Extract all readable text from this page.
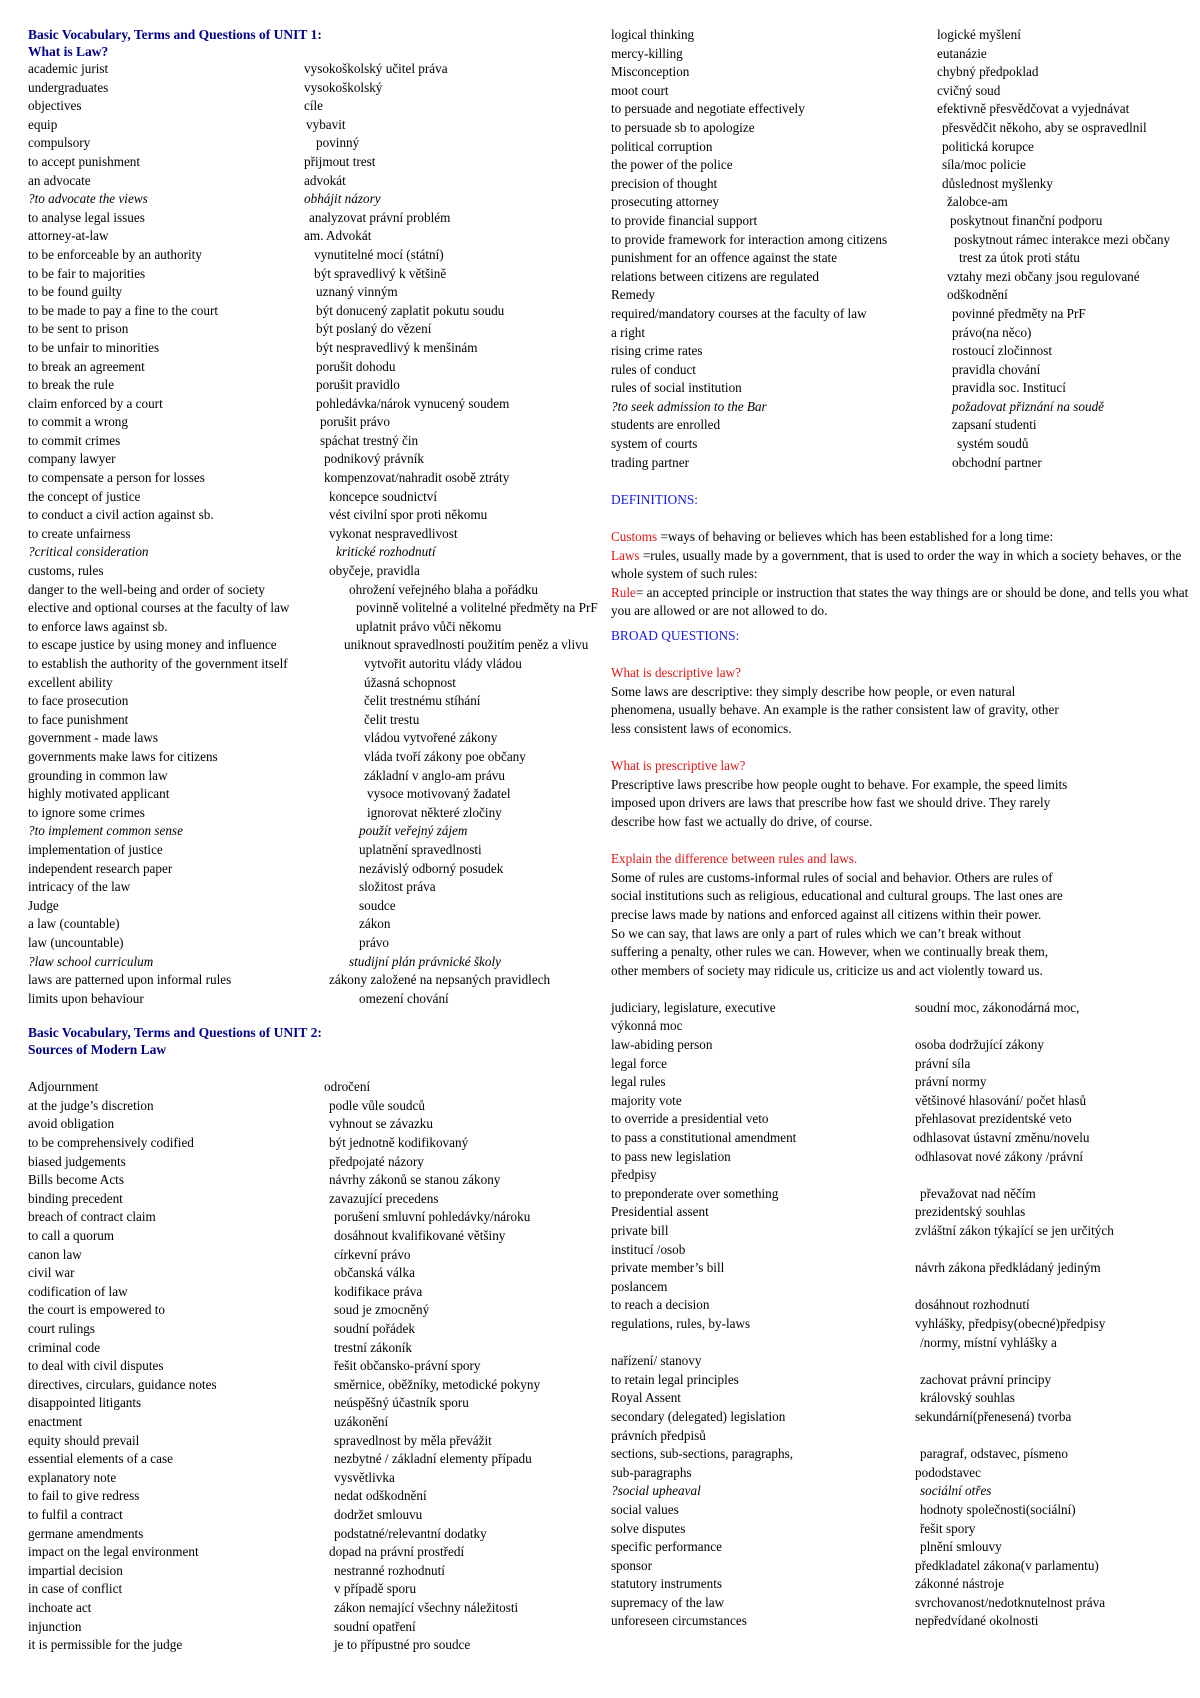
Basic Vocabulary, Terms and Questions of UNIT 1:
What is Law?
academic jurist	vysokoškolský učitel práva
undergraduates	vysokoškolský
objectives	cíle
equip	vybavit
compulsory	povinný
to accept punishment	přijmout trest
an advocate	advokát
?to advocate the views	obhájit názory
to analyse legal issues	analyzovat právní problém
attorney-at-law	am. Advokát
to be enforceable by an authority	vynutitelné mocí (státní)
to be fair to majorities	být spravedlivý k většině
to be found guilty	uznaný vinným
to be made to pay a fine to the court	být donucený zaplatit pokutu soudu
to be sent to prison	být poslaný do vězení
to be unfair to minorities	být nespravedlivý k menšinám
to break an agreement	porušit dohodu
to break the rule	porušit pravidlo
claim enforced by a court	pohledávka/nárok vynucený soudem
to commit a wrong	porušit právo
to commit crimes	spáchat trestný čin
company lawyer	podnikový právník
to compensate a person for losses	kompenzovat/nahradit osobě ztráty
the concept of justice	koncepce soudnictví
to conduct a civil action against sb.	vést civilní spor proti někomu
to create unfairness	vykonat nespravedlivost
?critical consideration	kritické rozhodnutí
customs, rules	obyčeje, pravidla
danger to the well-being and order of society	ohrožení veřejného blaha a pořádku
elective and optional courses at the faculty of law	povinně volitelné a volitelné předměty na PrF
to enforce laws against sb.	uplatnit právo vůči někomu
to escape justice by using money and influence	uniknout spravedlnosti použitím peněz a vlivu
to establish the authority of the government itself	vytvořit autoritu vlády vládou
excellent ability	úžasná schopnost
to face prosecution	čelit trestnému stíhání
to face punishment	čelit trestu
government - made laws	vládou vytvořené zákony
governments make laws for citizens	vláda tvoří zákony poe občany
grounding in common law	základní v anglo-am právu
highly motivated applicant	vysoce motivovaný žadatel
to ignore some crimes	ignorovat některé zločiny
?to implement common sense	použít veřejný zájem
implementation of justice	uplatnění spravedlnosti
independent research paper	nezávislý odborný posudek
intricacy of the law	složitost práva
Judge	soudce
a law (countable)	zákon
law (uncountable)	právo
?law school curriculum	studijní plán právnické školy
laws are patterned upon informal rules	zákony založené na nepsaných pravidlech
limits upon behaviour	omezení chování
Basic Vocabulary, Terms and Questions of UNIT 2:
Sources of Modern Law
Adjournment	odročení
at the judge’s discretion	podle vůle soudců
avoid obligation	vyhnout se závazku
to be comprehensively codified	být jednotně kodifikovaný
biased judgements	předpojaté názory
Bills become Acts	návrhy zákonů se stanou zákony
binding precedent	zavazující precedens
breach of contract claim	porušení smluvní pohledávky/nároku
to call a quorum	dosáhnout kvalifikované většiny
canon law	církevní právo
civil war	občanská válka
codification of law	kodifikace práva
the court is empowered to	soud je zmocněný
court rulings	soudní pořádek
criminal code	trestní zákoník
to deal with civil disputes	řešit občansko-právní spory
directives, circulars, guidance notes	směrnice, oběžníky, metodické pokyny
disappointed litigants	neúspěšný účastník sporu
enactment	uzákonění
equity should prevail	spravedlnost by měla převážit
essential elements of a case	nezbytné / základní elementy případu
explanatory note	vysvětlivka
to fail to give redress	nedat odškodnění
to fulfil a contract	dodržet smlouvu
germane amendments	podstatné/relevantní dodatky
impact on the legal environment	dopad na právní prostředí
impartial decision	nestranné rozhodnutí
in case of conflict	v případě sporu
inchoate act	zákon nemající všechny náležitosti
injunction	soudní opatření
it is permissible for the judge	je to přípustné pro soudce
logical thinking	logické myšlení
mercy-killing	eutanázie
Misconception	chybný předpoklad
moot court	cvičný soud
to persuade and negotiate effectively	efektivně přesvědčovat a vyjednávat
to persuade sb to apologize	přesvědčit někoho, aby se ospravedlnil
political corruption	politická korupce
the power of the police	síla/moc policie
precision of thought	důslednost myšlenky
prosecuting attorney	žalobce-am
to provide financial support	poskytnout finanční podporu
to provide framework for interaction among citizens	poskytnout rámec interakce mezi občany
punishment for an offence against the state	trest za útok proti státu
relations between citizens are regulated	vztahy mezi občany jsou regulované
Remedy	odškodnění
required/mandatory courses at the faculty of law	povinné předměty na PrF
a right	právo(na něco)
rising crime rates	rostoucí zločinnost
rules of conduct	pravidla chování
rules of social institution	pravidla soc. Institucí
?to seek admission to the Bar	požadovat přiznání na soudě
students are enrolled	zapsaní studenti
system of courts	systém soudů
trading partner	obchodní partner
DEFINITIONS:
Customs =ways of behaving or believes which has been established for a long time:
Laws =rules, usually made by a government, that is used to order the way in which a society behaves, or the whole system of such rules:
Rule= an accepted principle or instruction that states the way things are or should be done, and tells you what you are allowed or are not allowed to do.
BROAD QUESTIONS:
What is descriptive law?
Some laws are descriptive: they simply describe how people, or even natural
phenomena, usually behave. An example is the rather consistent law of gravity, other
less consistent laws of economics.
What is prescriptive law?
Prescriptive laws prescribe how people ought to behave. For example, the speed limits
imposed upon drivers are laws that prescribe how fast we should drive. They rarely
describe how fast we actually do drive, of course.
Explain the difference between rules and laws.
Some of rules are customs-informal rules of social and behavior. Others are rules of
social institutions such as religious, educational and cultural groups. The last ones are
precise laws made by nations and enforced against all citizens within their power.
So we can say, that laws are only a part of rules which we can’t break without
suffering a penalty, other rules we can. However, when we continually break them,
other members of society may ridicule us, criticize us and act violently toward us.
judiciary, legislature, executive	soudní moc, zákonodárná moc,
výkonná moc
law-abiding person	osoba dodržující zákony
legal force	právní síla
legal rules	právní normy
majority vote	většinové hlasování/ počet hlasů
to override a presidential veto	přehlasovat prezidentské veto
to pass a constitutional amendment	odhlasovat ústavní změnu/novelu
to pass new legislation	odhlasovat nové zákony /právní
předpisy
to preponderate over something	převažovat nad něčím
Presidential assent	prezidentský souhlas
private bill	zvláštní zákon týkající se jen určitých
institucí /osob
private member’s bill	návrh zákona předkládaný jediným
poslancem
to reach a decision	dosáhnout rozhodnutí
regulations, rules, by-laws	vyhlášky, předpisy(obecné)předpisy
/normy, místní vyhlášky a
nařízení/ stanovy
to retain legal principles	zachovat právní principy
Royal Assent	královský souhlas
secondary (delegated) legislation	sekundární(přenesená) tvorba
právních předpisů
sections, sub-sections, paragraphs,	paragraf, odstavec, písmeno
sub-paragraphs	pododstavec
?social upheaval	sociální otřes
social values	hodnoty společnosti(sociální)
solve disputes	řešit spory
specific performance	plnění smlouvy
sponsor	předkladatel zákona(v parlamentu)
statutory instruments	zákonné nástroje
supremacy of the law	svrchovanost/nedotknutelnost práva
unforeseen circumstances	nepředvídané okolnosti
